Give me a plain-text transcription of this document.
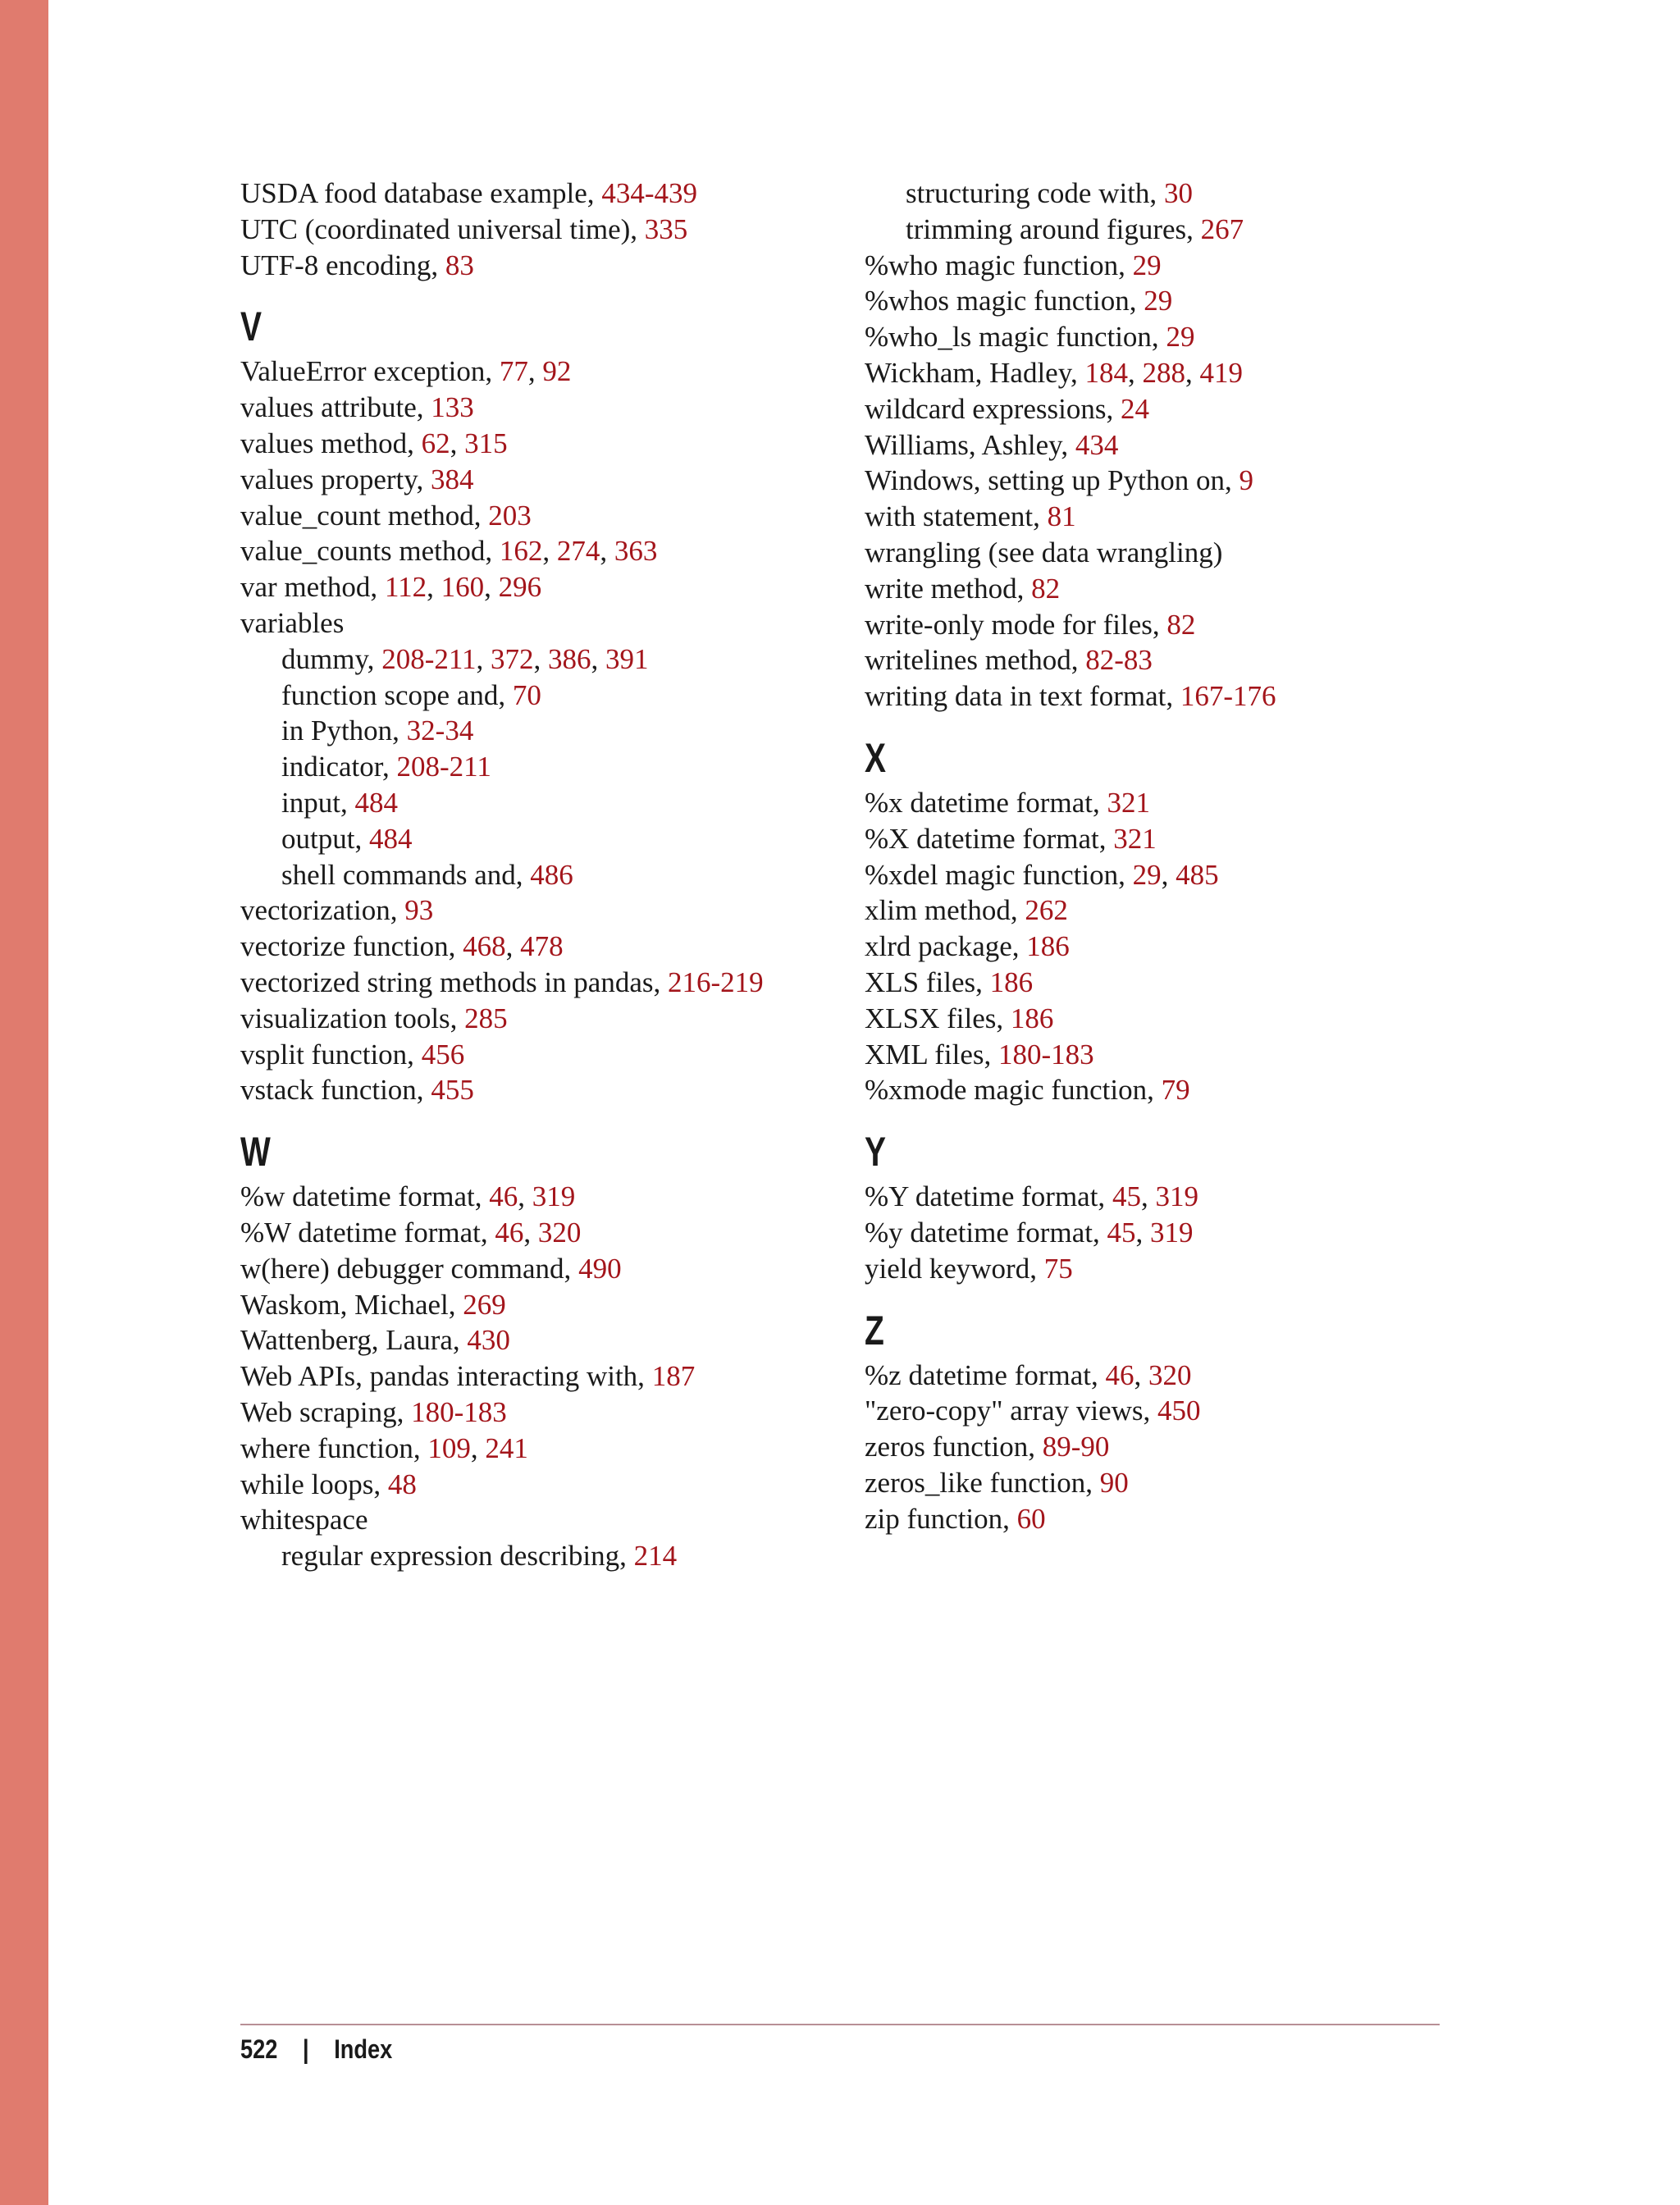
USDA food database example, 434-439
UTC (coordinated universal time), 335
UTF-8 encoding, 83
V
ValueError exception, 77, 92
values attribute, 133
values method, 62, 315
values property, 384
value_count method, 203
value_counts method, 162, 274, 363
var method, 112, 160, 296
variables
dummy, 208-211, 372, 386, 391
function scope and, 70
in Python, 32-34
indicator, 208-211
input, 484
output, 484
shell commands and, 486
vectorization, 93
vectorize function, 468, 478
vectorized string methods in pandas, 216-219
visualization tools, 285
vsplit function, 456
vstack function, 455
W
%w datetime format, 46, 319
%W datetime format, 46, 320
w(here) debugger command, 490
Waskom, Michael, 269
Wattenberg, Laura, 430
Web APIs, pandas interacting with, 187
Web scraping, 180-183
where function, 109, 241
while loops, 48
whitespace
regular expression describing, 214
structuring code with, 30
trimming around figures, 267
%who magic function, 29
%whos magic function, 29
%who_ls magic function, 29
Wickham, Hadley, 184, 288, 419
wildcard expressions, 24
Williams, Ashley, 434
Windows, setting up Python on, 9
with statement, 81
wrangling (see data wrangling)
write method, 82
write-only mode for files, 82
writelines method, 82-83
writing data in text format, 167-176
X
%x datetime format, 321
%X datetime format, 321
%xdel magic function, 29, 485
xlim method, 262
xlrd package, 186
XLS files, 186
XLSX files, 186
XML files, 180-183
%xmode magic function, 79
Y
%Y datetime format, 45, 319
%y datetime format, 45, 319
yield keyword, 75
Z
%z datetime format, 46, 320
"zero-copy" array views, 450
zeros function, 89-90
zeros_like function, 90
zip function, 60
522 | Index
